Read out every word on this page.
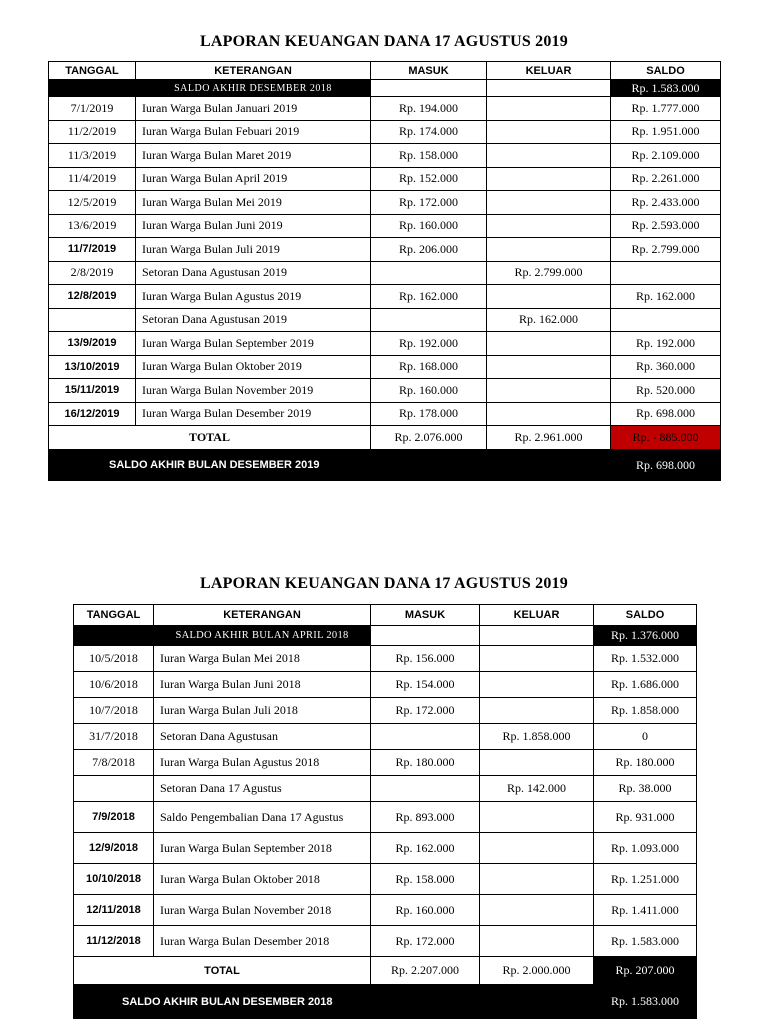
LAPORAN KEUANGAN DANA 17 AGUSTUS 2019
TANGGAL	KETERANGAN	MASUK	KELUAR	SALDO
	SALDO AKHIR DESEMBER 2018			Rp. 1.583.000
7/1/2019	Iuran Warga Bulan Januari 2019	Rp. 194.000		Rp. 1.777.000
11/2/2019	Iuran Warga Bulan Febuari 2019	Rp. 174.000		Rp. 1.951.000
11/3/2019	Iuran Warga Bulan Maret 2019	Rp. 158.000		Rp. 2.109.000
11/4/2019	Iuran Warga Bulan April 2019	Rp. 152.000		Rp. 2.261.000
12/5/2019	Iuran Warga Bulan Mei 2019	Rp. 172.000		Rp. 2.433.000
13/6/2019	Iuran Warga Bulan Juni 2019	Rp. 160.000		Rp. 2.593.000
11/7/2019	Iuran Warga Bulan Juli 2019	Rp. 206.000		Rp. 2.799.000
2/8/2019	Setoran Dana Agustusan 2019		Rp. 2.799.000	
12/8/2019	Iuran Warga Bulan Agustus 2019	Rp. 162.000		Rp. 162.000
	Setoran Dana Agustusan 2019		Rp. 162.000	
13/9/2019	Iuran Warga Bulan September 2019	Rp. 192.000		Rp. 192.000
13/10/2019	Iuran Warga Bulan Oktober 2019	Rp. 168.000		Rp. 360.000
15/11/2019	Iuran Warga Bulan November 2019	Rp. 160.000		Rp. 520.000
16/12/2019	Iuran Warga Bulan Desember 2019	Rp. 178.000		Rp. 698.000
TOTAL		Rp. 2.076.000	Rp. 2.961.000	Rp. - 885.000
SALDO AKHIR BULAN DESEMBER 2019				Rp. 698.000
LAPORAN KEUANGAN DANA 17 AGUSTUS 2019
TANGGAL	KETERANGAN	MASUK	KELUAR	SALDO
	SALDO AKHIR BULAN APRIL 2018			Rp. 1.376.000
10/5/2018	Iuran Warga Bulan Mei 2018	Rp. 156.000		Rp. 1.532.000
10/6/2018	Iuran Warga Bulan Juni 2018	Rp. 154.000		Rp. 1.686.000
10/7/2018	Iuran Warga Bulan Juli 2018	Rp. 172.000		Rp. 1.858.000
31/7/2018	Setoran Dana Agustusan		Rp. 1.858.000	0
7/8/2018	Iuran Warga Bulan Agustus 2018	Rp. 180.000		Rp. 180.000
	Setoran Dana 17 Agustus		Rp. 142.000	Rp. 38.000
7/9/2018	Saldo Pengembalian Dana 17 Agustus	Rp. 893.000		Rp. 931.000
12/9/2018	Iuran Warga Bulan September 2018	Rp. 162.000		Rp. 1.093.000
10/10/2018	Iuran Warga Bulan Oktober 2018	Rp. 158.000		Rp. 1.251.000
12/11/2018	Iuran Warga Bulan November 2018	Rp. 160.000		Rp. 1.411.000
11/12/2018	Iuran Warga Bulan Desember 2018	Rp. 172.000		Rp. 1.583.000
TOTAL		Rp. 2.207.000	Rp. 2.000.000	Rp. 207.000
SALDO AKHIR BULAN DESEMBER 2018				Rp. 1.583.000
